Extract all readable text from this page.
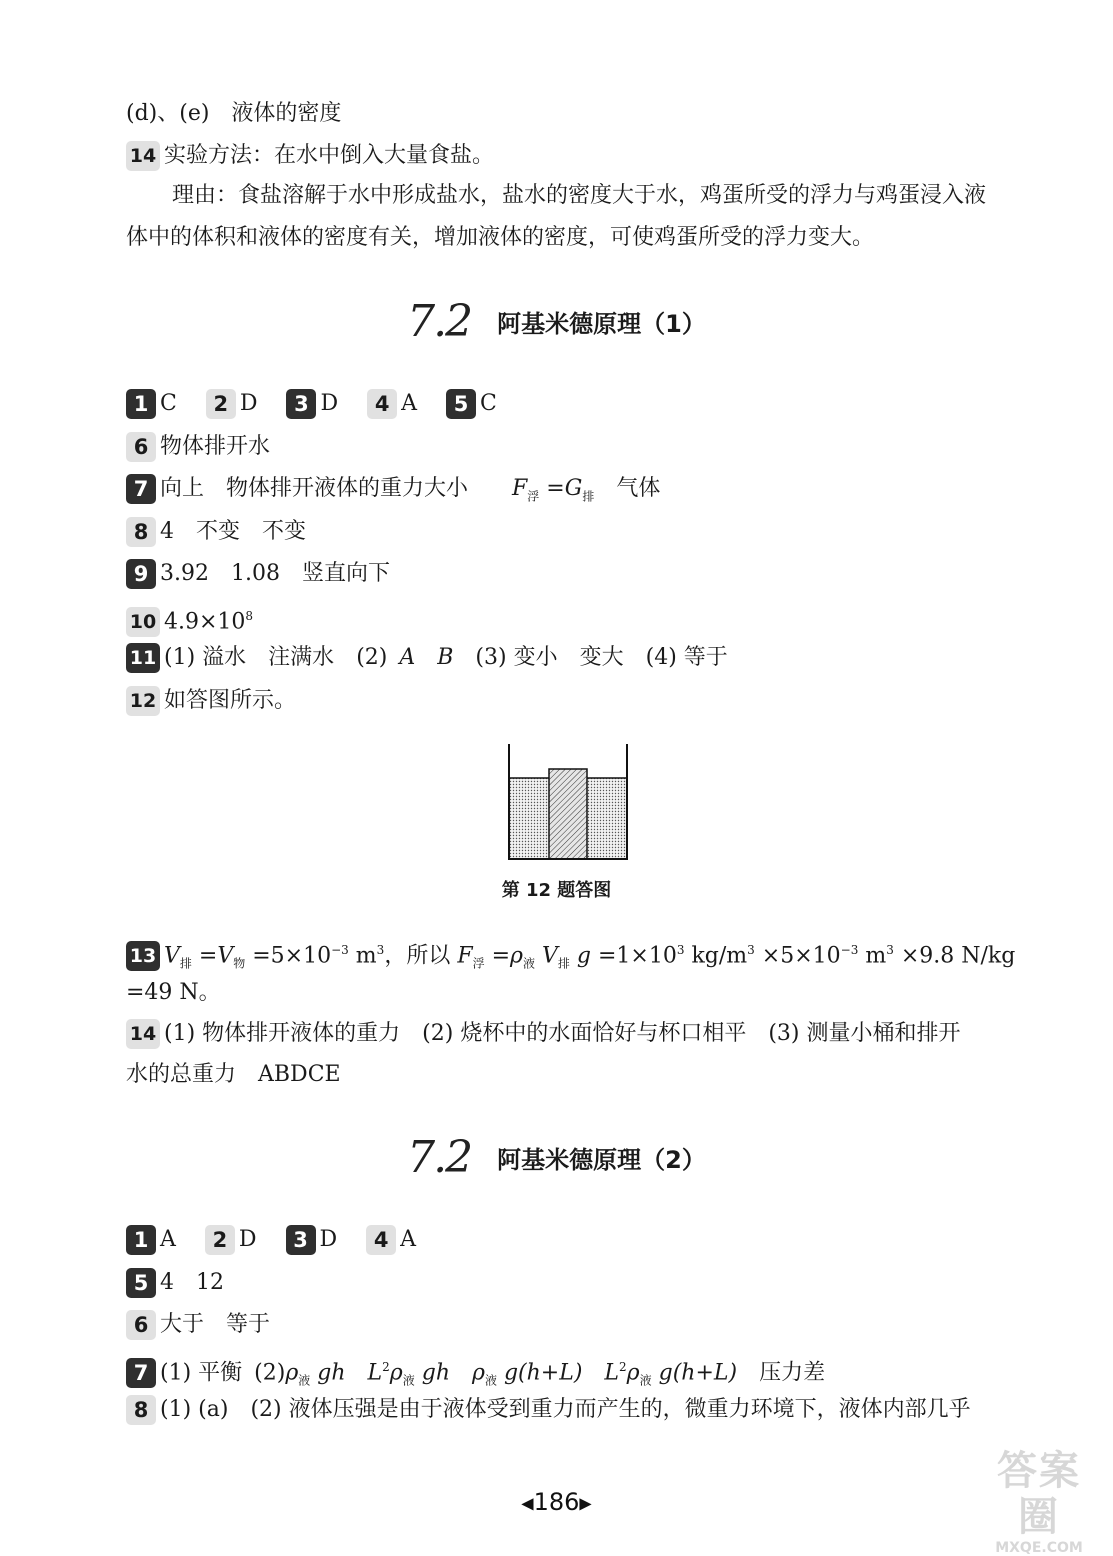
(d)、(e)　液体的密度
14 实验方法：在水中倒入大量食盐。
理由：食盐溶解于水中形成盐水，盐水的密度大于水，鸡蛋所受的浮力与鸡蛋浸入液
体中的体积和液体的密度有关，增加液体的密度，可使鸡蛋所受的浮力变大。
7.2 阿基米德原理（1）
1 C 2 D 3 D 4 A 5 C
6 物体排开水
7 向上 物体排开液体的重力大小 $F_浮 =G_排$ 气体
8 4 不变 不变
9 3.92 1.08 竖直向下
10 $4.9\times 10^8$
11 (1) 溢水 注满水 (2) A B (3) 变小 变大 (4) 等于
12 如答图所示。
第 12 题答图
13 $V_排 =V_物 =5\times 10^{-3}$ $m^3$，所以 $F_浮 =\rho_液$ $V_排$ $g =1\times 10^3$ $kg/m^3 \times 5\times 10^{-3}$ $m^3 \times 9.8$ N/kg
=49 N。
14 (1) 物体排开液体的重力　(2) 烧杯中的水面恰好与杯口相平　(3) 测量小桶和排开
水的总重力　ABDCE
7.2 阿基米德原理（2）
1 A 2 D 3 D 4 A
5 4 12
6 大于 等于
7 (1) 平衡 $(2)\rho_液$ gh $L^2\rho_液$ gh $\rho_液$ g(h+L) $L^2\rho_液$ g(h+L) 压力差
8 (1) (a)　(2) 液体压强是由于液体受到重力而产生的，微重力环境下，液体内部几乎
◀186▶
答案圈
MXQE.COM
